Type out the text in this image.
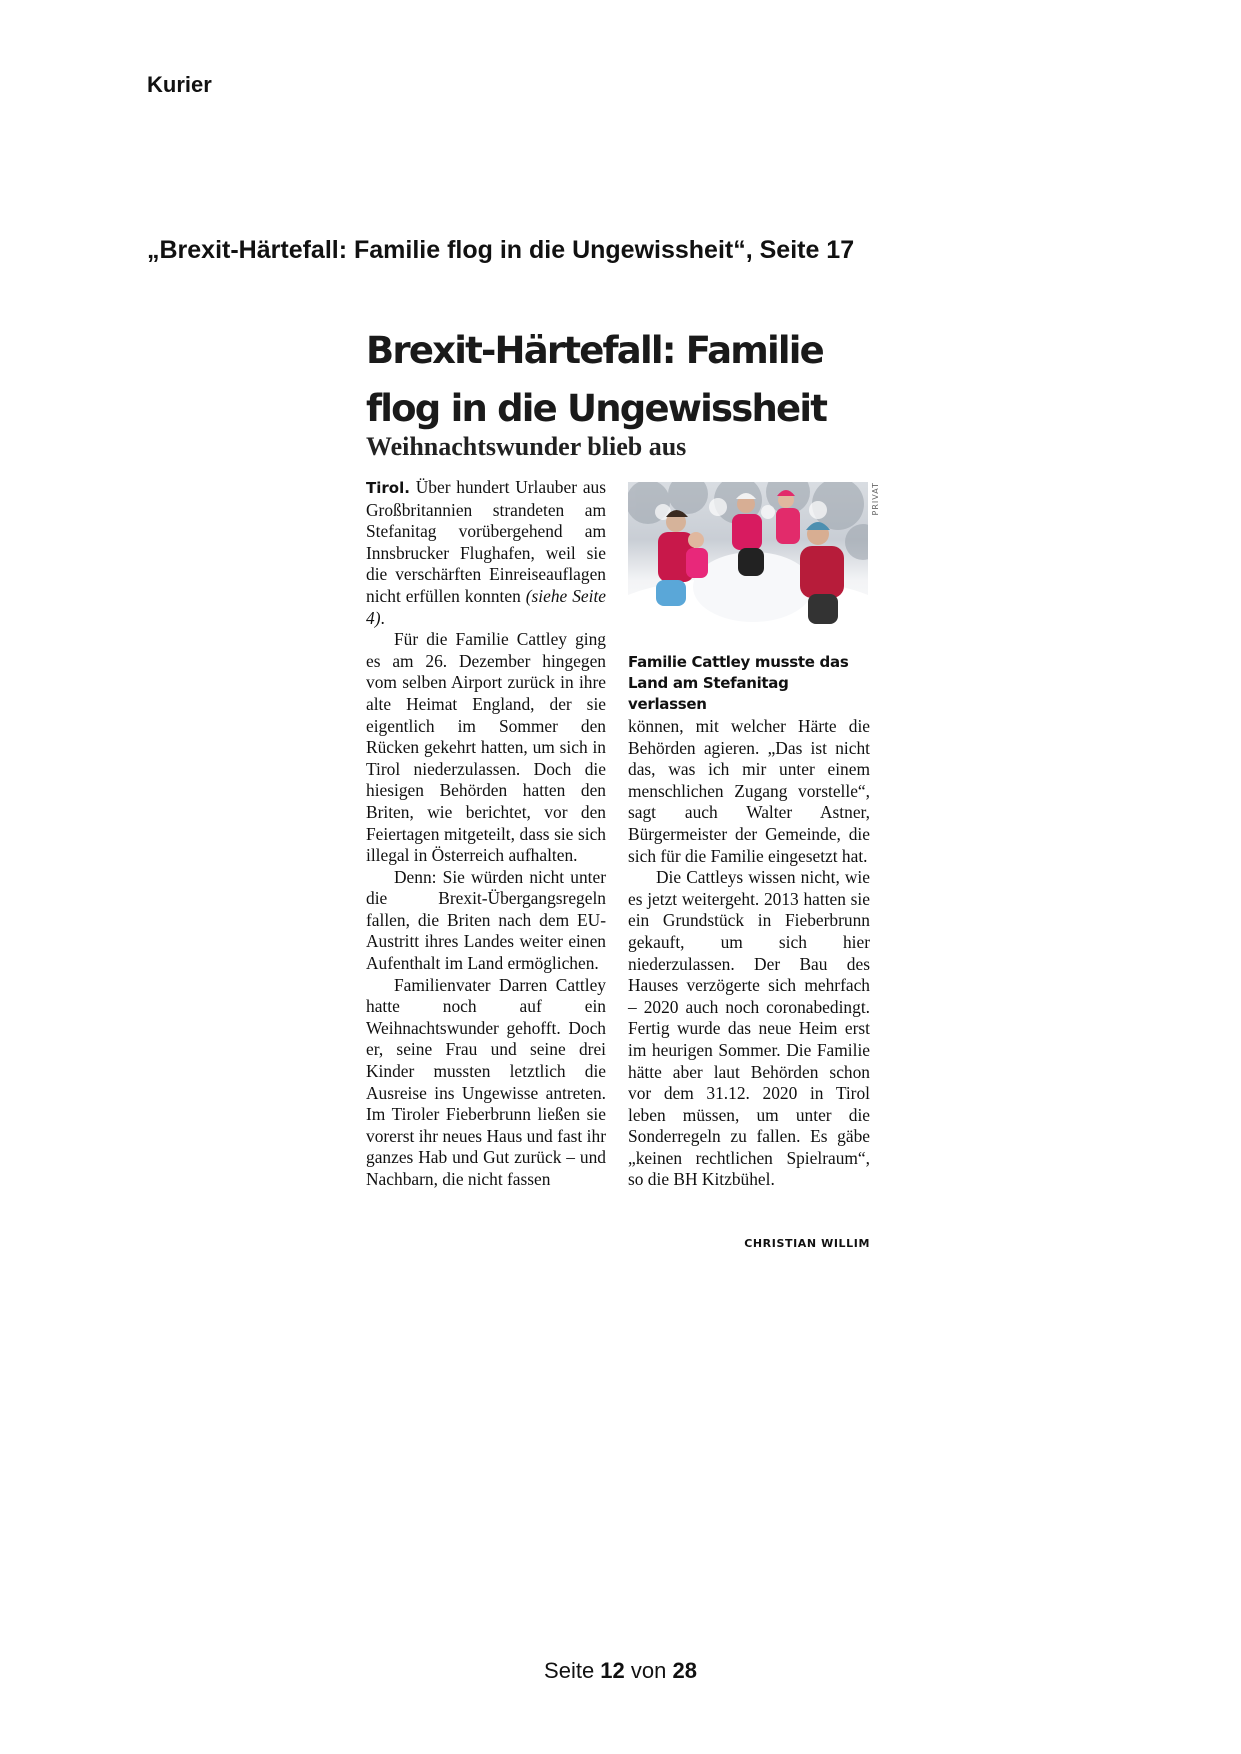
Kurier
„Brexit-Härtefall: Familie flog in die Ungewissheit“, Seite 17
Brexit-Härtefall: Familie
flog in die Ungewissheit
Weihnachtswunder blieb aus

Tirol. Über hundert Urlauber aus Großbritannien strandeten am Stefanitag vorübergehend am Innsbrucker Flughafen, weil sie die verschärften Einreiseauflagen nicht erfüllen konnten (siehe Seite 4).

Für die Familie Cattley ging es am 26. Dezember hingegen vom selben Airport zurück in ihre alte Heimat England, der sie eigentlich im Sommer den Rücken gekehrt hatten, um sich in Tirol niederzulassen. Doch die hiesigen Behörden hatten den Briten, wie berichtet, vor den Feiertagen mitgeteilt, dass sie sich illegal in Österreich aufhalten.

Denn: Sie würden nicht unter die Brexit-Übergangsregeln fallen, die Briten nach dem EU-Austritt ihres Landes weiter einen Aufenthalt im Land ermöglichen.

Familienvater Darren Cattley hatte noch auf ein Weihnachtswunder gehofft. Doch er, seine Frau und seine drei Kinder mussten letztlich die Ausreise ins Ungewisse antreten. Im Tiroler Fieberbrunn ließen sie vorerst ihr neues Haus und fast ihr ganzes Hab und Gut zurück – und Nachbarn, die nicht fassen

PRIVAT

Familie Cattley musste das Land am Stefanitag verlassen

können, mit welcher Härte die Behörden agieren. „Das ist nicht das, was ich mir unter einem menschlichen Zugang vorstelle“, sagt auch Walter Astner, Bürgermeister der Gemeinde, die sich für die Familie eingesetzt hat.

Die Cattleys wissen nicht, wie es jetzt weitergeht. 2013 hatten sie ein Grundstück in Fieberbrunn gekauft, um sich hier niederzulassen. Der Bau des Hauses verzögerte sich mehrfach – 2020 auch noch coronabedingt. Fertig wurde das neue Heim erst im heurigen Sommer. Die Familie hätte aber laut Behörden schon vor dem 31.12. 2020 in Tirol leben müssen, um unter die Sonderregeln zu fallen. Es gäbe „keinen rechtlichen Spielraum“, so die BH Kitzbühel.

CHRISTIAN WILLIM
Seite 12 von 28
